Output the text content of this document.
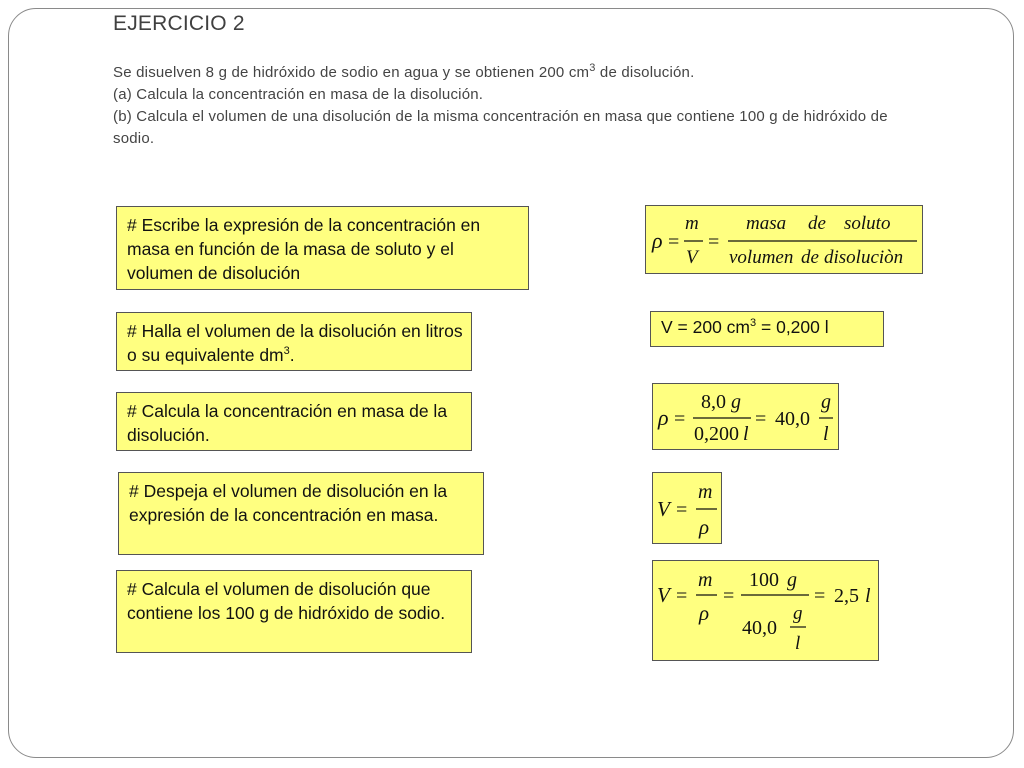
EJERCICIO 2

Se disuelven 8 g de hidróxido de sodio en agua y se obtienen 200 $cm^3$ de disolución.

(a) Calcula la concentración en masa de la disolución.

(b) Calcula el volumen de una disolución de la misma concentración en masa que contiene 100 g de hidróxido de sodio.

# Escribe la expresión de la concentración en masa en función de la masa de soluto y el volumen de disolución
# Halla el volumen de la disolución en litros o su equivalente $dm^3$.
# Calcula la concentración en masa de la disolución.
# Despeja el volumen de disolución en la expresión de la concentración en masa.
# Calcula el volumen de disolución que contiene los 100 g de hidróxido de sodio.
ρ =
m
V
=
masa de soluto
volumen de disoluciòn
V = 200 $cm^3 = 0,200$ l
ρ =
8,0 g
0,200 l
= 40,0
g
l
V =
m
ρ
V =
m
ρ
=
100 g
40,0
g
l
= 2,5 l
